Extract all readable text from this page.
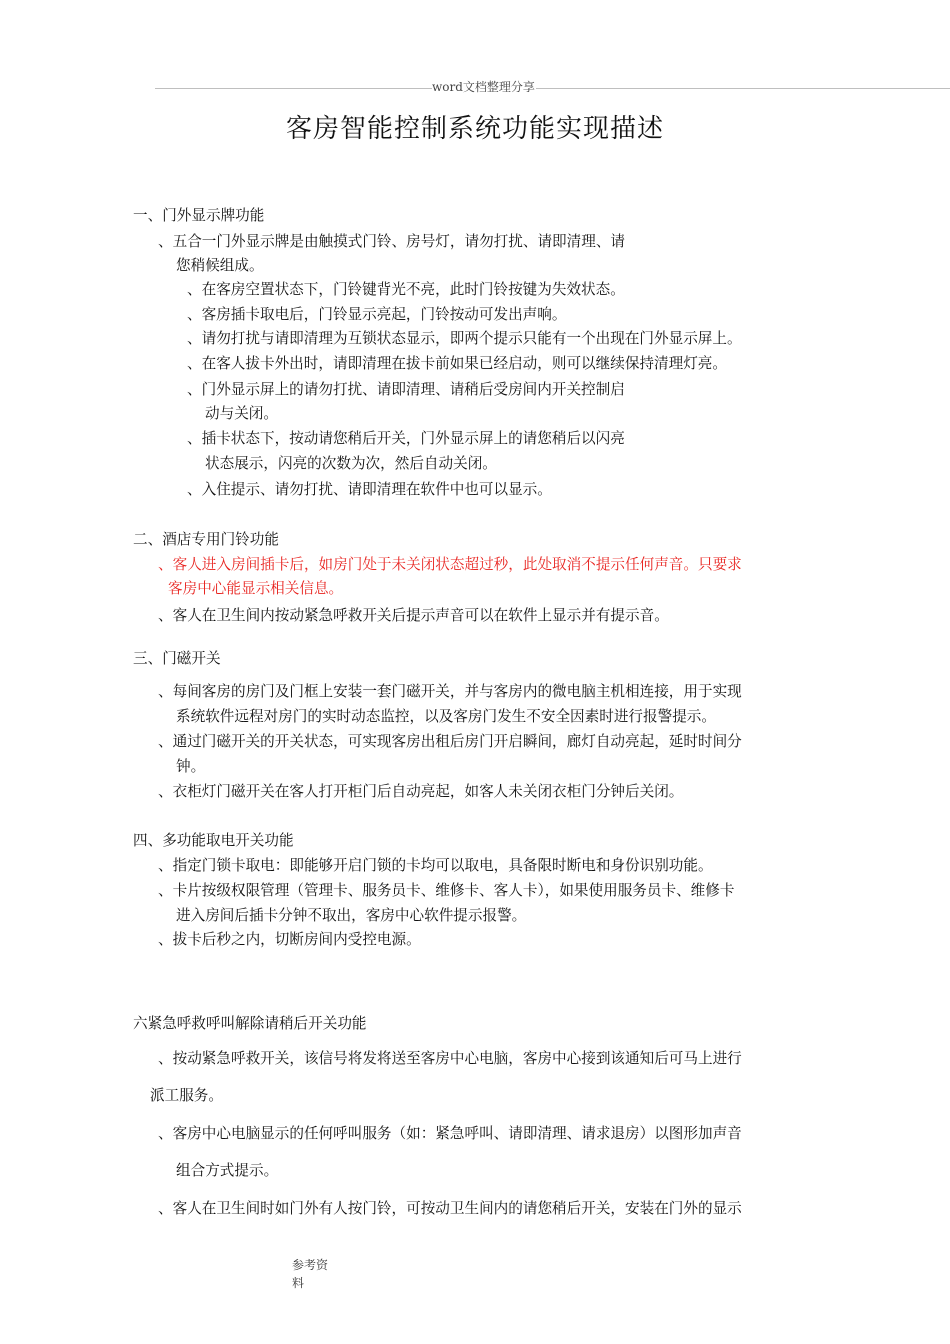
word文档整理分享
客房智能控制系统功能实现描述
一、门外显示牌功能
、五合一门外显示牌是由触摸式门铃、房号灯，请勿打扰、请即清理、请
您稍候组成。
、在客房空置状态下，门铃键背光不亮，此时门铃按键为失效状态。
、客房插卡取电后，门铃显示亮起，门铃按动可发出声响。
、请勿打扰与请即清理为互锁状态显示，即两个提示只能有一个出现在门外显示屏上。
、在客人拔卡外出时，请即清理在拔卡前如果已经启动，则可以继续保持清理灯亮。
、门外显示屏上的请勿打扰、请即清理、请稍后受房间内开关控制启
动与关闭。
、插卡状态下，按动请您稍后开关，门外显示屏上的请您稍后以闪亮
状态展示，闪亮的次数为次，然后自动关闭。
、入住提示、请勿打扰、请即清理在软件中也可以显示。
二、酒店专用门铃功能
、客人进入房间插卡后，如房门处于未关闭状态超过秒，此处取消不提示任何声音。只要求
客房中心能显示相关信息。
、客人在卫生间内按动紧急呼救开关后提示声音可以在软件上显示并有提示音。
三、门磁开关
、每间客房的房门及门框上安装一套门磁开关，并与客房内的微电脑主机相连接，用于实现
系统软件远程对房门的实时动态监控，以及客房门发生不安全因素时进行报警提示。
、通过门磁开关的开关状态，可实现客房出租后房门开启瞬间，廊灯自动亮起，延时时间分
钟。
、衣柜灯门磁开关在客人打开柜门后自动亮起，如客人未关闭衣柜门分钟后关闭。
四、多功能取电开关功能
、指定门锁卡取电：即能够开启门锁的卡均可以取电，具备限时断电和身份识别功能。
、卡片按级权限管理（管理卡、服务员卡、维修卡、客人卡），如果使用服务员卡、维修卡
进入房间后插卡分钟不取出，客房中心软件提示报警。
、拔卡后秒之内，切断房间内受控电源。
六紧急呼救呼叫解除请稍后开关功能
、按动紧急呼救开关，该信号将发将送至客房中心电脑，客房中心接到该通知后可马上进行
派工服务。
、客房中心电脑显示的任何呼叫服务（如：紧急呼叫、请即清理、请求退房）以图形加声音
组合方式提示。
、客人在卫生间时如门外有人按门铃，可按动卫生间内的请您稍后开关，安装在门外的显示
参考资料
